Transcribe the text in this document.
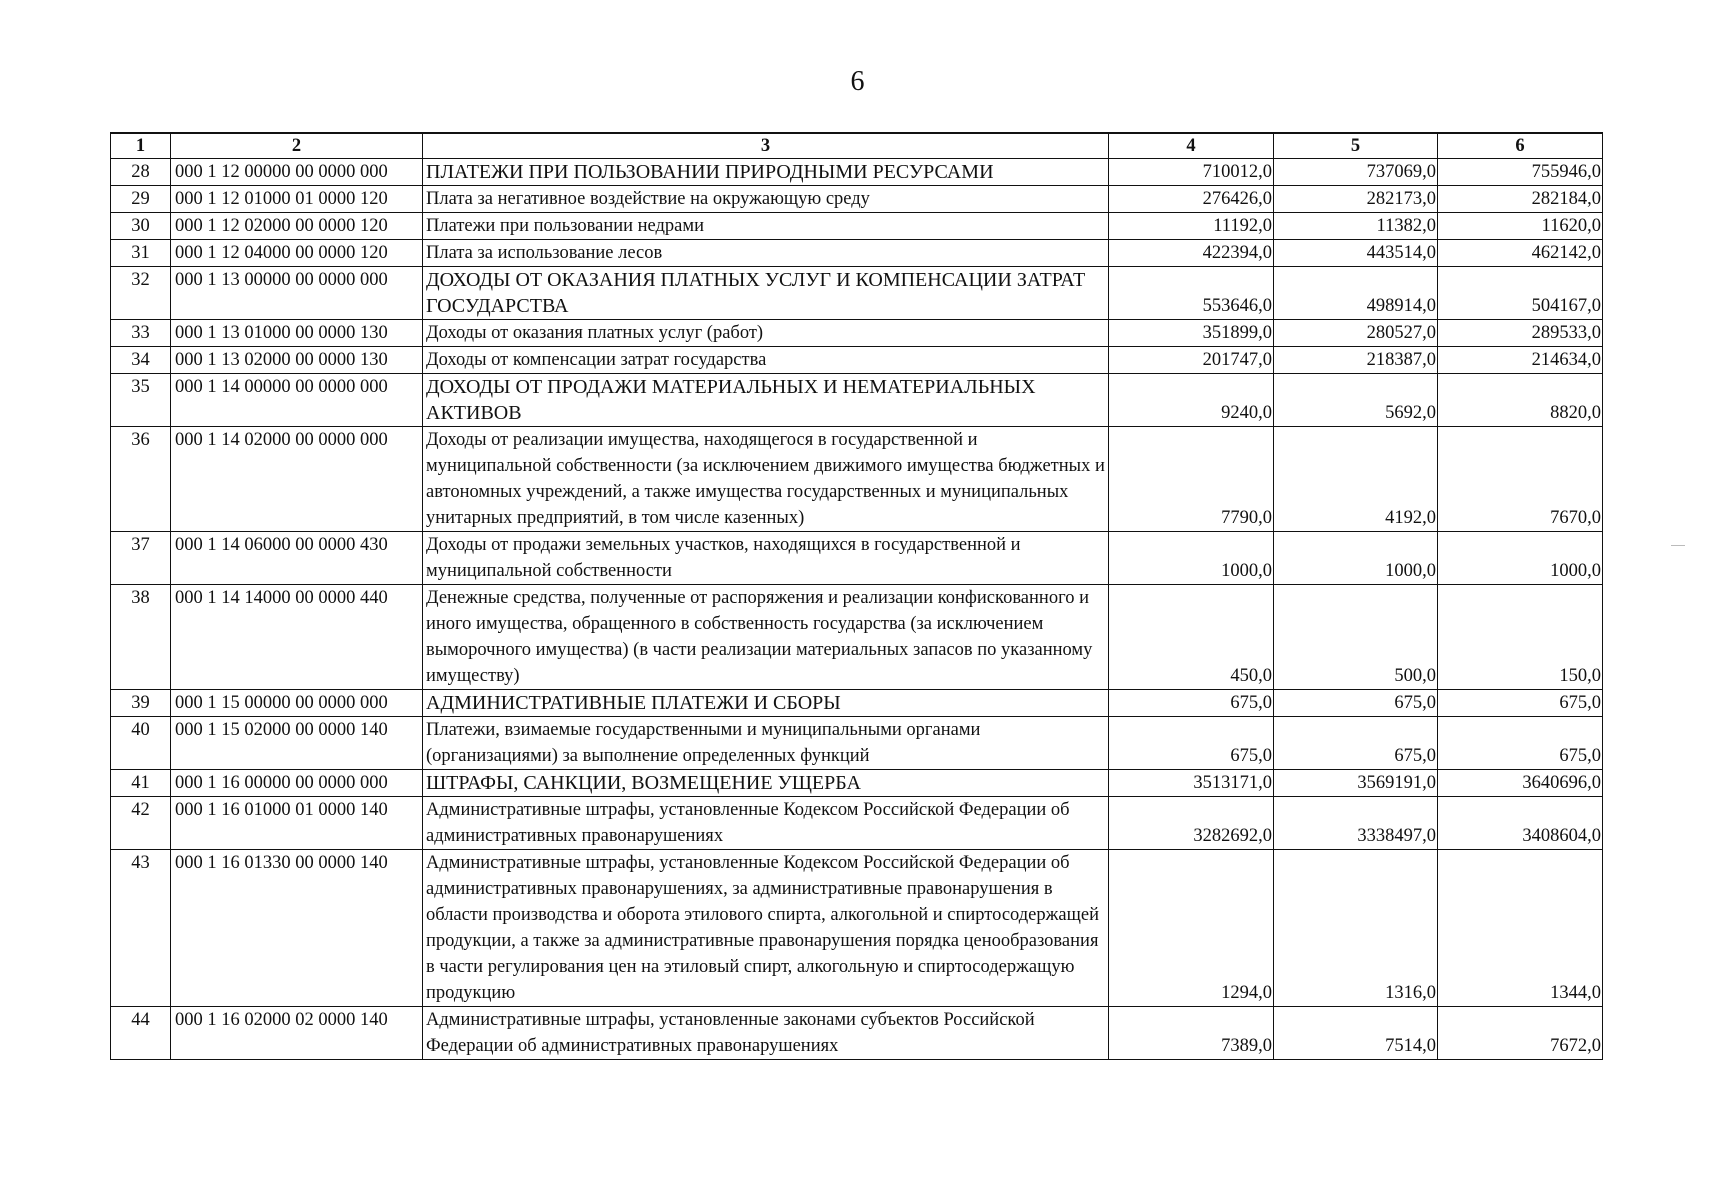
6
1	2	3	4	5	6
28	000 1 12 00000 00 0000 000	ПЛАТЕЖИ ПРИ ПОЛЬЗОВАНИИ ПРИРОДНЫМИ РЕСУРСАМИ	710012,0	737069,0	755946,0
29	000 1 12 01000 01 0000 120	Плата за негативное воздействие на окружающую среду	276426,0	282173,0	282184,0
30	000 1 12 02000 00 0000 120	Платежи при пользовании недрами	11192,0	11382,0	11620,0
31	000 1 12 04000 00 0000 120	Плата за использование лесов	422394,0	443514,0	462142,0
32	000 1 13 00000 00 0000 000	ДОХОДЫ ОТ ОКАЗАНИЯ ПЛАТНЫХ УСЛУГ И КОМПЕНСАЦИИ ЗАТРАТ ГОСУДАРСТВА	553646,0	498914,0	504167,0
33	000 1 13 01000 00 0000 130	Доходы от оказания платных услуг (работ)	351899,0	280527,0	289533,0
34	000 1 13 02000 00 0000 130	Доходы от компенсации затрат государства	201747,0	218387,0	214634,0
35	000 1 14 00000 00 0000 000	ДОХОДЫ ОТ ПРОДАЖИ МАТЕРИАЛЬНЫХ И НЕМАТЕРИАЛЬНЫХ АКТИВОВ	9240,0	5692,0	8820,0
36	000 1 14 02000 00 0000 000	Доходы от реализации имущества, находящегося в государственной и муниципальной собственности (за исключением движимого имущества бюджетных и автономных учреждений, а также имущества государственных и муниципальных унитарных предприятий, в том числе казенных)	7790,0	4192,0	7670,0
37	000 1 14 06000 00 0000 430	Доходы от продажи земельных участков, находящихся в государственной и муниципальной собственности	1000,0	1000,0	1000,0
38	000 1 14 14000 00 0000 440	Денежные средства, полученные от распоряжения и реализации конфискованного и иного имущества, обращенного в собственность государства (за исключением выморочного имущества) (в части реализации материальных запасов по указанному имуществу)	450,0	500,0	150,0
39	000 1 15 00000 00 0000 000	АДМИНИСТРАТИВНЫЕ ПЛАТЕЖИ И СБОРЫ	675,0	675,0	675,0
40	000 1 15 02000 00 0000 140	Платежи, взимаемые государственными и муниципальными органами (организациями) за выполнение определенных функций	675,0	675,0	675,0
41	000 1 16 00000 00 0000 000	ШТРАФЫ, САНКЦИИ, ВОЗМЕЩЕНИЕ УЩЕРБА	3513171,0	3569191,0	3640696,0
42	000 1 16 01000 01 0000 140	Административные штрафы, установленные Кодексом Российской Федерации об административных правонарушениях	3282692,0	3338497,0	3408604,0
43	000 1 16 01330 00 0000 140	Административные штрафы, установленные Кодексом Российской Федерации об административных правонарушениях, за административные правонарушения в области производства и оборота этилового спирта, алкогольной и спиртосодержащей продукции, а также за административные правонарушения порядка ценообразования в части регулирования цен на этиловый спирт, алкогольную и спиртосодержащую продукцию	1294,0	1316,0	1344,0
44	000 1 16 02000 02 0000 140	Административные штрафы, установленные законами субъектов Российской Федерации об административных правонарушениях	7389,0	7514,0	7672,0
